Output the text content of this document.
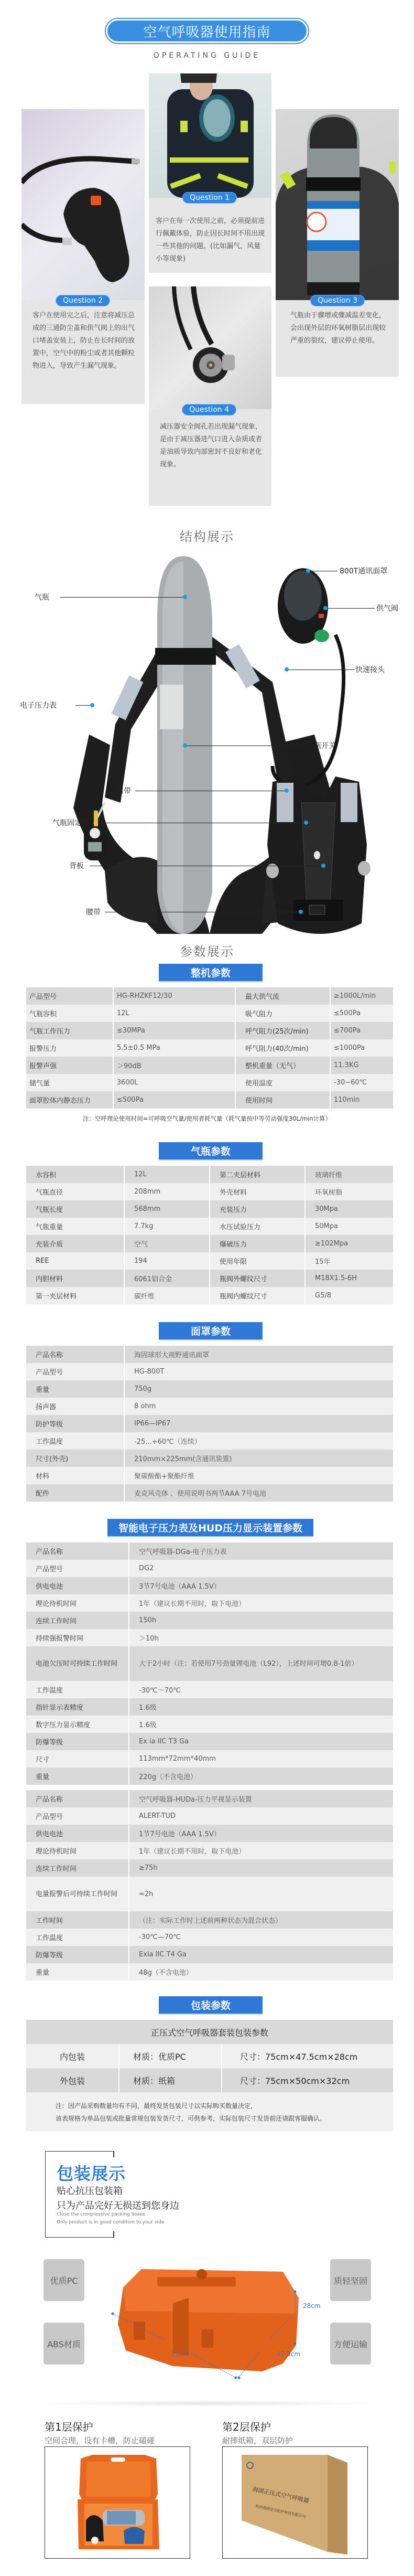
空气呼吸器使用指南
OPERATING GUIDE
Question 1
客户在每一次使用之前，必须提前进行佩戴体验，防止因长时间不用出现一些其他的问题。(比如漏气，风量小等现象)
Question 2
客户在使用完之后，注意将减压总成的三通防尘盖和供气阀上的出气口堵盖安装上，防止在长时间的放置中，空气中的粉尘或者其他颗粒物进入，导致产生漏气现象。
Question 3
气瓶由于骤增或骤减温差变化，会出现外层的环氧树脂层出现较严重的裂纹，建议停止使用。
Question 4
减压器安全阀孔若出现漏气现象，是由于减压器进气口进入杂质或者是油质导致内部密封不良好和老化现象。
结构展示
800T通讯面罩
气瓶
供气阀
快速接头
电子压力表
气瓶开关
肩带
气瓶固定带
背板
腰带
参数展示
整机参数
产品型号	HG-RHZKF12/30	最大供气流	≥1000L/min
气瓶容积	12L	吸气阻力	≤500Pa
气瓶工作压力	≤30MPa	呼气阻力(25次/min)	≤700Pa
报警压力	5.5±0.5 MPa	呼气阻力(40次/min)	≤1000Pa
报警声强	＞90dB	整机重量（无气）	11.3KG
储气量	3600L	使用温度	-30~60℃
面罩腔体内静态压力	≤500Pa	使用时间	110min
注：空呼理论使用时间=可呼吸空气量/使用者耗气量（耗气量按中等劳动强度30L/min计算）
气瓶参数
水容积	12L	第二夹层材料	玻璃纤维
气瓶直径	208mm	外壳材料	环氧树脂
气瓶长度	568mm	充装压力	30Mpa
气瓶重量	7.7kg	水压试验压力	50Mpa
充装介质	空气	爆破压力	≥102Mpa
REE	194	使用年限	15年
内胆材料	6061铝合金	瓶阀外螺纹尺寸	M18X1.5-6H
第一夹层材料	碳纤维	瓶阀内螺纹尺寸	G5/8
面罩参数
产品名称	海固球形大视野通讯面罩
产品型号	HG-800T
重量	750g
扬声器	8 ohm
防护等级	IP66—IP67
工作温度	-25...+60℃（连续）
尺寸(外壳)	210mm×225mm(含通讯装置)
材料	聚碳酸酯+聚酯纤维
配件	麦克风壳体 、使用说明书两节AAA 7号电池
智能电子压力表及HUD压力显示装置参数
产品名称	空气呼吸器-DGa-电子压力表
产品型号	DG2
供电电池	3节7号电池（AAA 1.5V）
理论待机时间	1年（建议长期不用时，取下电池）
连续工作时间	150h
持续强报警时间	＞10h
电池欠压时可持续工作时间	大于2小时（注：若使用7号劲量锂电池（L92），上述时间可增0.8-1倍）
工作温度	-30℃～70℃
指针显示表精度	1.6级
数字压力显示精度	1.6级
防爆等级	Ex ia IIC T3 Ga
尺寸	113mm*72mm*40mm
重量	220g（不含电池）
产品名称	空气呼吸器-HUDa-压力平视显示装置
产品型号	ALERT-TUD
供电电池	1节7号电池（AAA 1.5V）
理论待机时间	1年（建议长期不用时，取下电池）
连续工作时间	≥75h
电量报警后可持续工作时间	≈2h
工作时间	（注：实际工作时上述前两种状态为混合状态）
工作温度	-30℃—70℃
防爆等级	Exia IIC T4 Ga
重量	48g（不含电池）
包装参数
正压式空气呼吸器套装包装参数
内包装	材质：优质PC	尺寸：75cm×47.5cm×28cm
外包装	材质：纸箱	尺寸：75cm×50cm×32cm
注：因产品采购数量均有不同，最终发货包装尺寸以实际购买数量决定，
该表规格为单品包装或批量常规包装发货尺寸，可供参考，实际包装尺寸发货前还请跟客服确认。
包装展示
贴心抗压包装箱
只为产品完好无损送到您身边
Close the compressive packing boxes
Only product is in good condition to your side
优质PC
ABS材质
质轻坚固
方便运输
75cm	47.5cm
28cm
第1层保护
空间合理，设有卡槽，防止磕碰
第2层保护
耐摔纸箱，双层防护
海固正压式空气呼吸器
杭州海固安全防护科技有限公司
